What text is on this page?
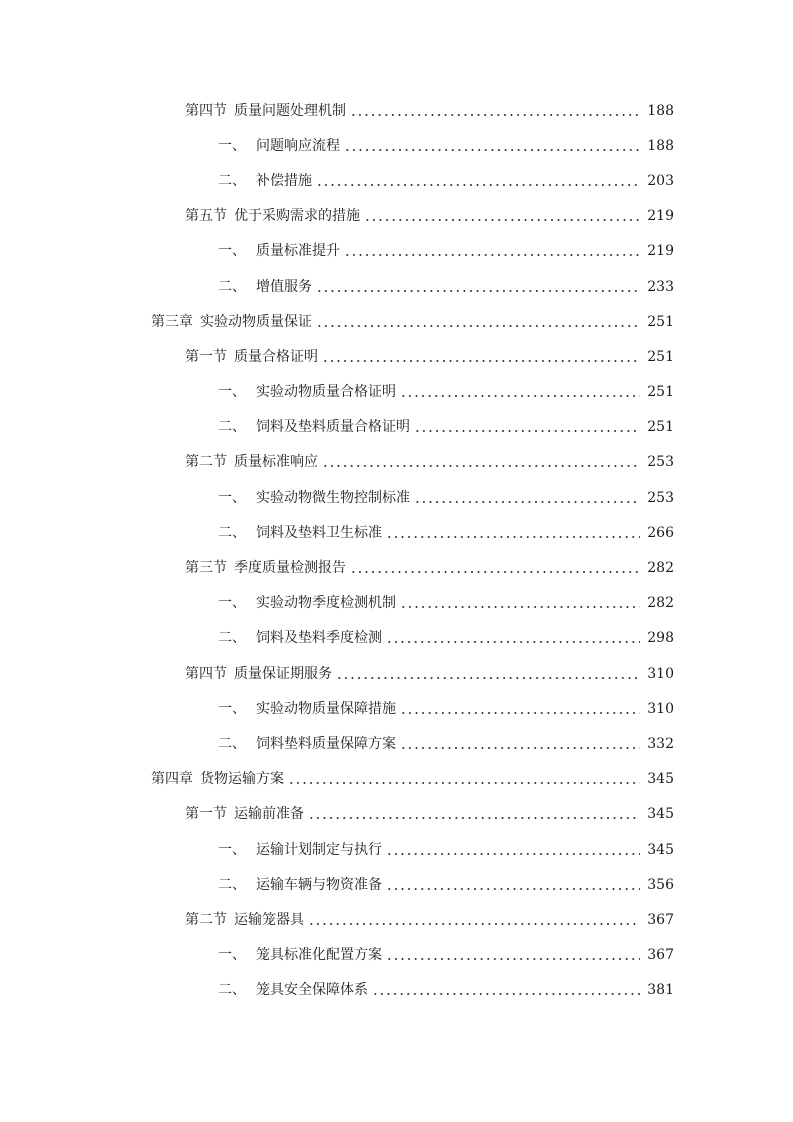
第四节 质量问题处理机制	188
一、 问题响应流程	188
二、 补偿措施	203
第五节 优于采购需求的措施	219
一、 质量标准提升	219
二、 增值服务	233
第三章 实验动物质量保证	251
第一节 质量合格证明	251
一、 实验动物质量合格证明	251
二、 饲料及垫料质量合格证明	251
第二节 质量标准响应	253
一、 实验动物微生物控制标准	253
二、 饲料及垫料卫生标准	266
第三节 季度质量检测报告	282
一、 实验动物季度检测机制	282
二、 饲料及垫料季度检测	298
第四节 质量保证期服务	310
一、 实验动物质量保障措施	310
二、 饲料垫料质量保障方案	332
第四章 货物运输方案	345
第一节 运输前准备	345
一、 运输计划制定与执行	345
二、 运输车辆与物资准备	356
第二节 运输笼器具	367
一、 笼具标准化配置方案	367
二、 笼具安全保障体系	381
